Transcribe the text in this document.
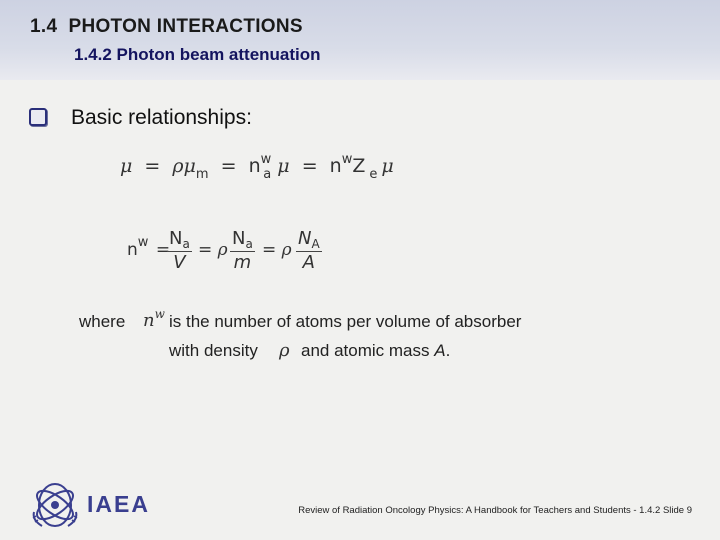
1.4  PHOTON INTERACTIONS
1.4.2 Photon beam attenuation
Basic relationships:
$\mu = \rho\mu_m = n^w_a$ $\mu = n^wZ$ $_e$ μ
$n^w$ =
$\frac{N_a}{V} = \rho \frac{N_a}{m} = \rho \frac{N_A}{A}$
where $n^w$ is the number of atoms per volume of absorber
with density ρ and atomic mass A.
IAEA	Review of Radiation Oncology Physics: A Handbook for Teachers and Students - 1.4.2 Slide 9
